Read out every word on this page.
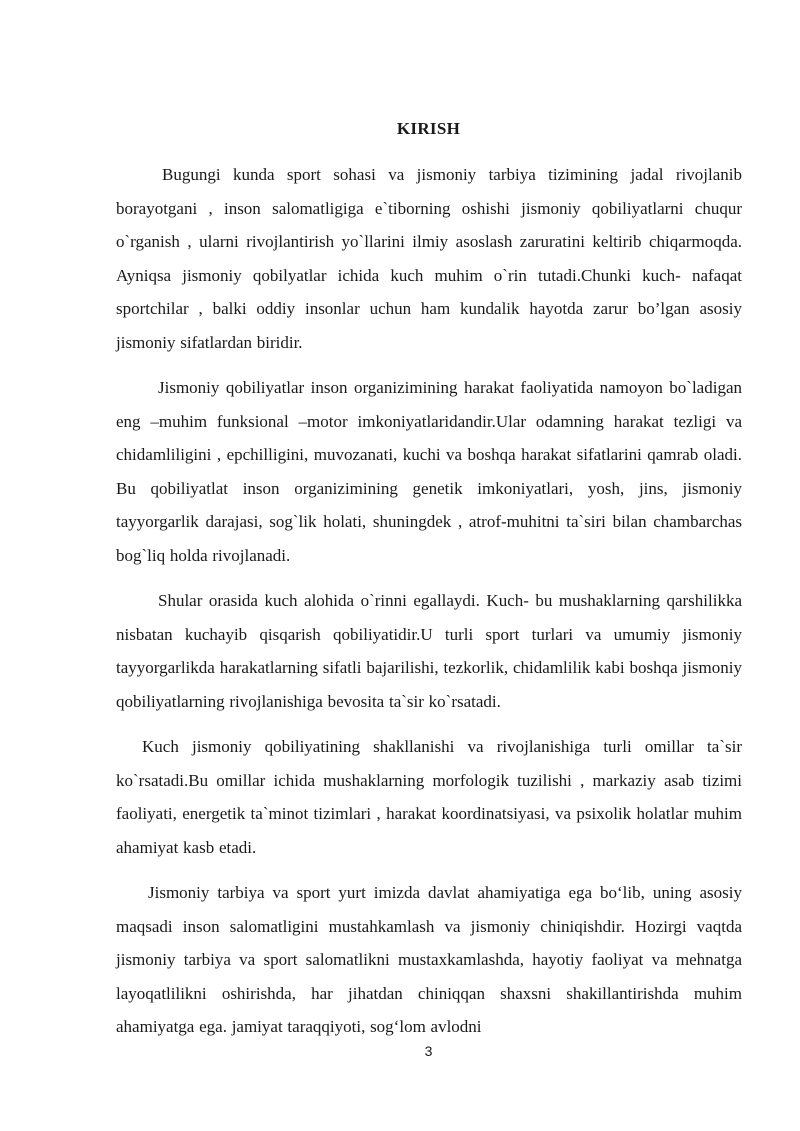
KIRISH

Bugungi kunda sport sohasi va jismoniy tarbiya tizimining jadal rivojlanib borayotgani , inson salomatligiga e`tiborning oshishi jismoniy qobiliyatlarni chuqur o`rganish , ularni rivojlantirish yo`llarini ilmiy asoslash zaruratini keltirib chiqarmoqda. Ayniqsa jismoniy qobilyatlar ichida kuch muhim o`rin tutadi.Chunki kuch- nafaqat sportchilar , balki oddiy insonlar uchun ham kundalik hayotda zarur bo’lgan asosiy jismoniy sifatlardan biridir.

Jismoniy qobiliyatlar inson organizimining harakat faoliyatida namoyon bo`ladigan eng –muhim funksional –motor imkoniyatlaridandir.Ular odamning harakat tezligi va chidamliligini , epchilligini, muvozanati, kuchi va boshqa harakat sifatlarini qamrab oladi. Bu qobiliyatlat inson organizimining genetik imkoniyatlari, yosh, jins, jismoniy tayyorgarlik darajasi, sog`lik holati, shuningdek , atrof-muhitni ta`siri bilan chambarchas bog`liq holda rivojlanadi.

Shular orasida kuch alohida o`rinni egallaydi. Kuch- bu mushaklarning qarshilikka nisbatan kuchayib qisqarish qobiliyatidir.U turli sport turlari va umumiy jismoniy tayyorgarlikda harakatlarning sifatli bajarilishi, tezkorlik, chidamlilik kabi boshqa jismoniy qobiliyatlarning rivojlanishiga bevosita ta`sir ko`rsatadi.

Kuch jismoniy qobiliyatining shakllanishi va rivojlanishiga turli omillar ta`sir ko`rsatadi.Bu omillar ichida mushaklarning morfologik tuzilishi , markaziy asab tizimi faoliyati, energetik ta`minot tizimlari , harakat koordinatsiyasi, va psixolik holatlar muhim ahamiyat kasb etadi.

Jismoniy tarbiya va sport yurt imizda davlat ahamiyatiga ega bo‘lib, uning asosiy maqsadi inson salomatligini mustahkamlash va jismoniy chiniqishdir. Hozirgi vaqtda jismoniy tarbiya va sport salomatlikni mustaxkamlashda, hayotiy faoliyat va mehnatga layoqatlilikni oshirishda, har jihatdan chiniqqan shaxsni shakillantirishda muhim ahamiyatga ega. jamiyat taraqqiyoti, sog‘lom avlodni

3
